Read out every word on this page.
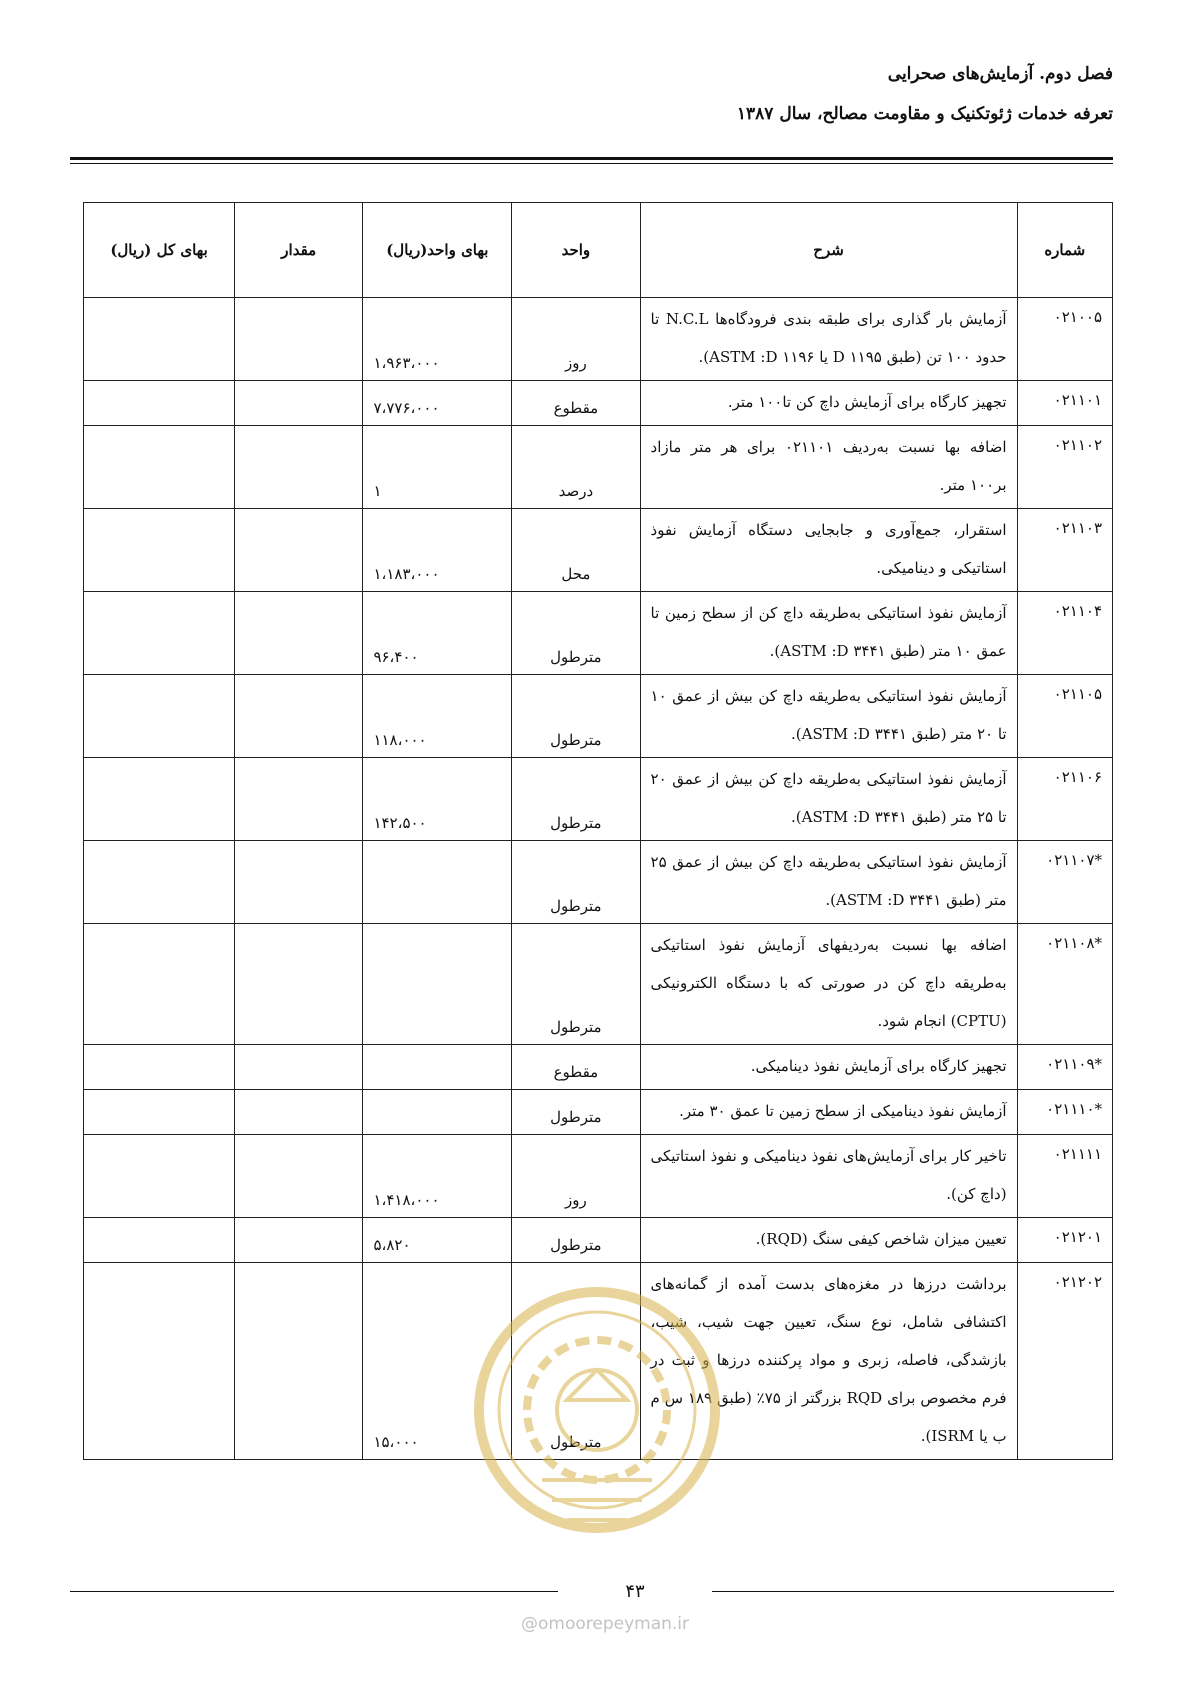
فصل دوم. آزمایش‌های صحرایی
تعرفه خدمات ژئوتکنیک و مقاومت مصالح، سال ۱۳۸۷
شماره	شرح	واحد	بهای واحد(ریال)	مقدار	بهای کل (ریال)
۰۲۱۰۰۵	آزمایش بار گذاری برای طبقه بندی فرودگاه‌ها N.C.L تا حدود ۱۰۰ تن (طبق ۱۱۹۵ D یا ۱۱۹۶ ASTM :D).	روز	۱،۹۶۳،۰۰۰		
۰۲۱۱۰۱	تجهیز کارگاه برای آزمایش داچ کن تا۱۰۰ متر.	مقطوع	۷،۷۷۶،۰۰۰		
۰۲۱۱۰۲	اضافه بها نسبت به‌ردیف ۰۲۱۱۰۱ برای هر متر مازاد بر۱۰۰ متر.	درصد	۱		
۰۲۱۱۰۳	استقرار، جمع‌آوری و جابجایی دستگاه آزمایش نفوذ استاتیکی و دینامیکی.	محل	۱،۱۸۳،۰۰۰		
۰۲۱۱۰۴	آزمایش نفوذ استاتیکی به‌طریقه داچ کن از سطح زمین تا عمق ۱۰ متر (طبق ۳۴۴۱ ASTM :D).	مترطول	۹۶،۴۰۰		
۰۲۱۱۰۵	آزمایش نفوذ استاتیکی به‌طریقه داچ کن بیش از عمق ۱۰ تا ۲۰ متر (طبق ۳۴۴۱ ASTM :D).	مترطول	۱۱۸،۰۰۰		
۰۲۱۱۰۶	آزمایش نفوذ استاتیکی به‌طریقه داچ کن بیش از عمق ۲۰ تا ۲۵ متر (طبق ۳۴۴۱ ASTM :D).	مترطول	۱۴۲،۵۰۰		
*۰۲۱۱۰۷	آزمایش نفوذ استاتیکی به‌طریقه داچ کن بیش از عمق ۲۵ متر (طبق ۳۴۴۱ ASTM :D).	مترطول			
*۰۲۱۱۰۸	اضافه بها نسبت به‌ردیفهای آزمایش نفوذ استاتیکی به‌طریقه داچ کن در صورتی که با دستگاه الکترونیکی (CPTU) انجام شود.	مترطول			
*۰۲۱۱۰۹	تجهیز کارگاه برای آزمایش نفوذ دینامیکی.	مقطوع			
*۰۲۱۱۱۰	آزمایش نفوذ دینامیکی از سطح زمین تا عمق ۳۰ متر.	مترطول			
۰۲۱۱۱۱	تاخیر کار برای آزمایش‌های نفوذ دینامیکی و نفوذ استاتیکی (داچ کن).	روز	۱،۴۱۸،۰۰۰		
۰۲۱۲۰۱	تعیین میزان شاخص کیفی سنگ (RQD).	مترطول	۵،۸۲۰		
۰۲۱۲۰۲	برداشت درزها در مغزه‌های بدست آمده از گمانه‌های اکتشافی شامل، نوع سنگ، تعیین جهت شیب، شیب، بازشدگی، فاصله، زبری و مواد پرکننده درزها و ثبت در فرم مخصوص برای RQD بزرگتر از ۷۵٪ (طبق ۱۸۹ س م ب یا ISRM).	مترطول	۱۵،۰۰۰		
۴۳
@omoorepeyman.ir
